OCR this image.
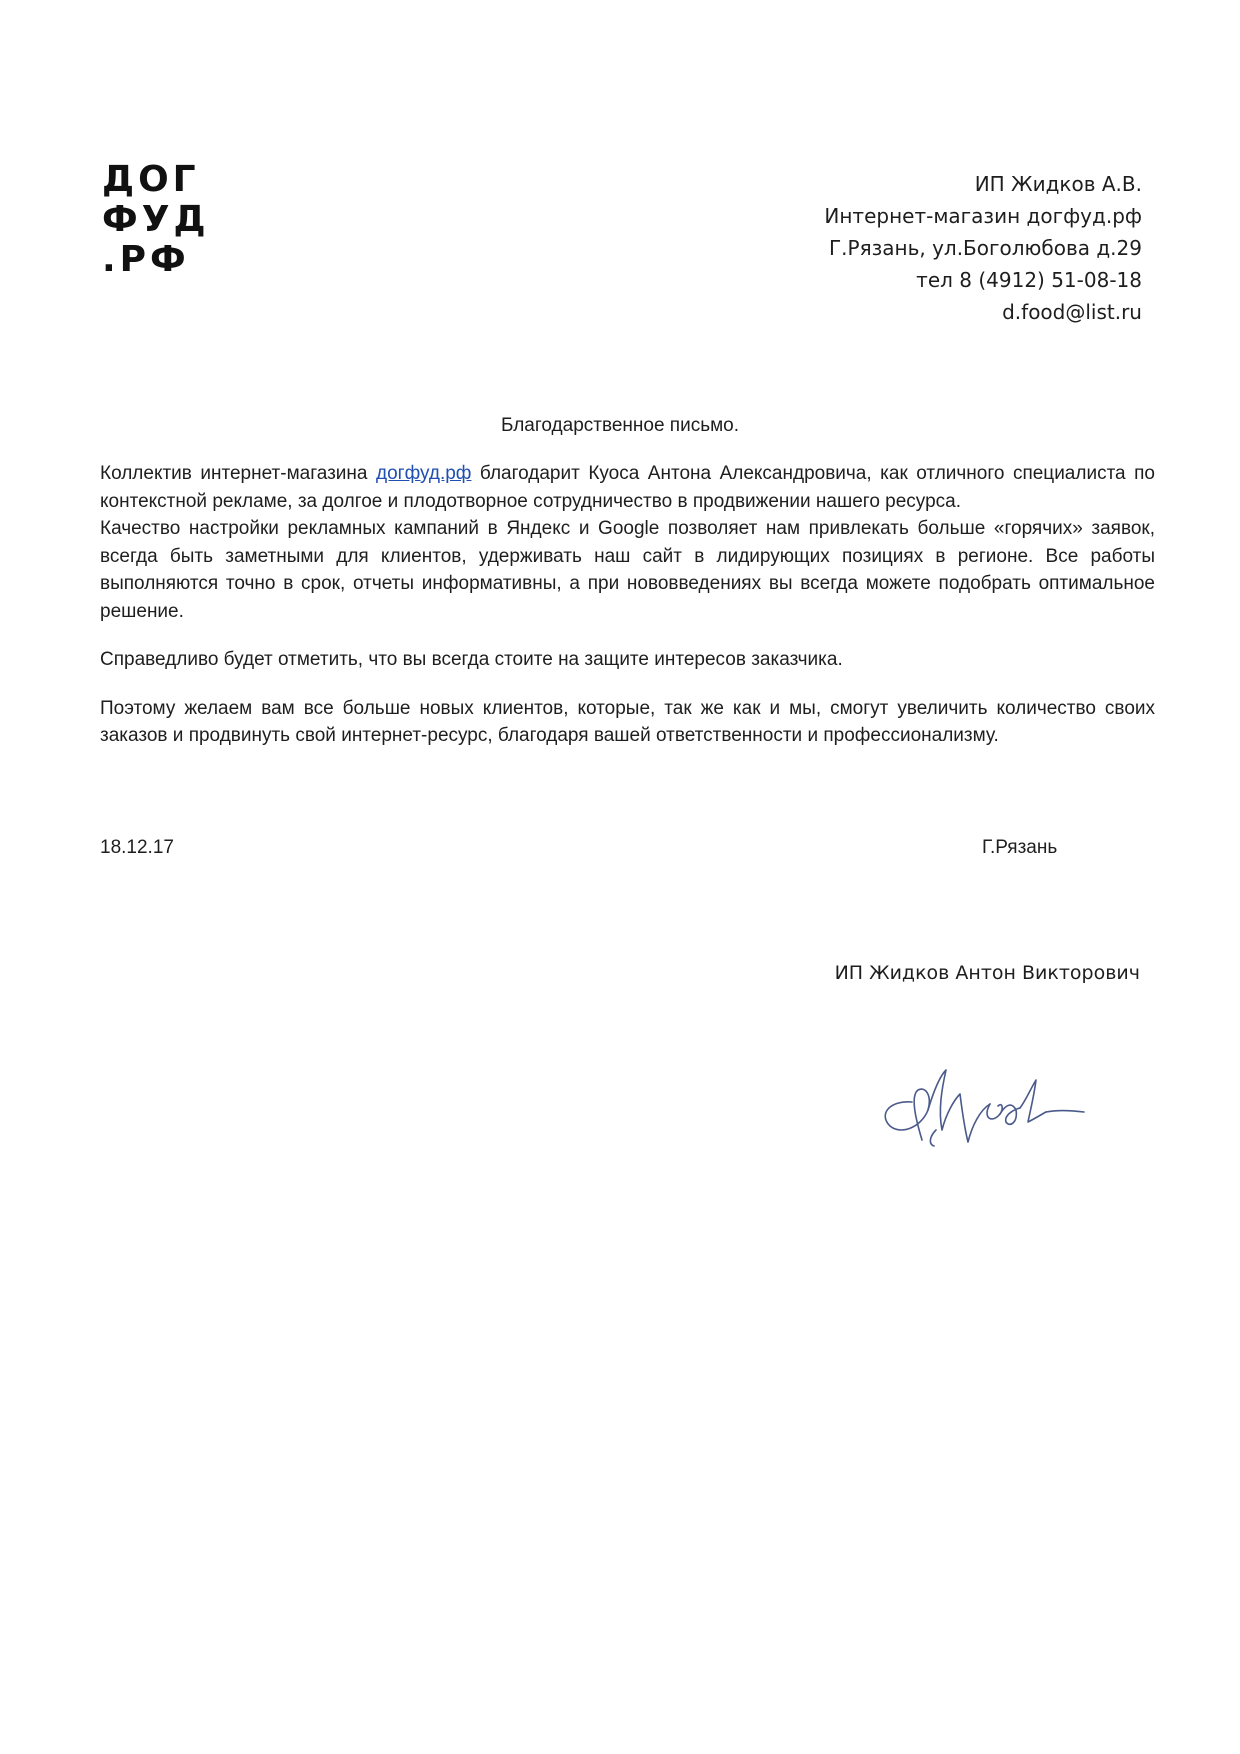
ДОГ
ФУД
.РФ
ИП Жидков А.В.
Интернет-магазин догфуд.рф
Г.Рязань, ул.Боголюбова д.29
тел 8 (4912) 51-08-18
d.food@list.ru
Благодарственное письмо.

Коллектив интернет-магазина догфуд.рф благодарит Куоса Антона Александровича, как отличного специалиста по контекстной рекламе, за долгое и плодотворное сотрудничество в продвижении нашего ресурса.

Качество настройки рекламных кампаний в Яндекс и Google позволяет нам привлекать больше «горячих» заявок, всегда быть заметными для клиентов, удерживать наш сайт в лидирующих позициях в регионе. Все работы выполняются точно в срок, отчеты информативны, а при нововведениях вы всегда можете подобрать оптимальное решение.

Справедливо будет отметить, что вы всегда стоите на защите интересов заказчика.

Поэтому желаем вам все больше новых клиентов, которые, так же как и мы, смогут увеличить количество своих заказов и продвинуть свой интернет-ресурс, благодаря вашей ответственности и профессионализму.

18.12.17	Г.Рязань
ИП Жидков Антон Викторович
